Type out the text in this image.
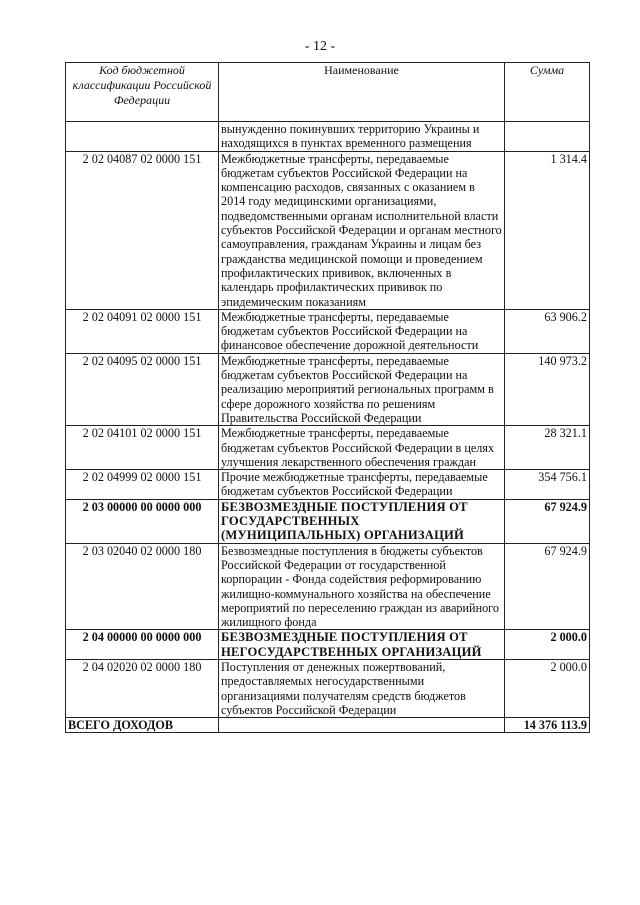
- 12 -
Код бюджетной классификации Российской Федерации	Наименование	Сумма
	вынужденно покинувших территорию Украины и находящихся в пунктах временного размещения	
2 02 04087 02 0000 151	Межбюджетные трансферты, передаваемые бюджетам субъектов Российской Федерации на компенсацию расходов, связанных с оказанием в 2014 году медицинскими организациями, подведомственными органам исполнительной власти субъектов Российской Федерации и органам местного самоуправления, гражданам Украины и лицам без гражданства медицинской помощи и проведением профилактических прививок, включенных в календарь профилактических прививок по эпидемическим показаниям	1 314.4
2 02 04091 02 0000 151	Межбюджетные трансферты, передаваемые бюджетам субъектов Российской Федерации на финансовое обеспечение дорожной деятельности	63 906.2
2 02 04095 02 0000 151	Межбюджетные трансферты, передаваемые бюджетам субъектов Российской Федерации на реализацию мероприятий региональных программ в сфере дорожного хозяйства по решениям Правительства Российской Федерации	140 973.2
2 02 04101 02 0000 151	Межбюджетные трансферты, передаваемые бюджетам субъектов Российской Федерации в целях улучшения лекарственного обеспечения граждан	28 321.1
2 02 04999 02 0000 151	Прочие межбюджетные трансферты, передаваемые бюджетам субъектов Российской Федерации	354 756.1
2 03 00000 00 0000 000	БЕЗВОЗМЕЗДНЫЕ ПОСТУПЛЕНИЯ ОТ ГОСУДАРСТВЕННЫХ (МУНИЦИПАЛЬНЫХ) ОРГАНИЗАЦИЙ	67 924.9
2 03 02040 02 0000 180	Безвозмездные поступления в бюджеты субъектов Российской Федерации от государственной корпорации - Фонда содействия реформированию жилищно-коммунального хозяйства на обеспечение мероприятий по переселению граждан из аварийного жилищного фонда	67 924.9
2 04 00000 00 0000 000	БЕЗВОЗМЕЗДНЫЕ ПОСТУПЛЕНИЯ ОТ НЕГОСУДАРСТВЕННЫХ ОРГАНИЗАЦИЙ	2 000.0
2 04 02020 02 0000 180	Поступления от денежных пожертвований, предоставляемых негосударственными организациями получателям средств бюджетов субъектов Российской Федерации	2 000.0
ВСЕГО ДОХОДОВ		14 376 113.9
